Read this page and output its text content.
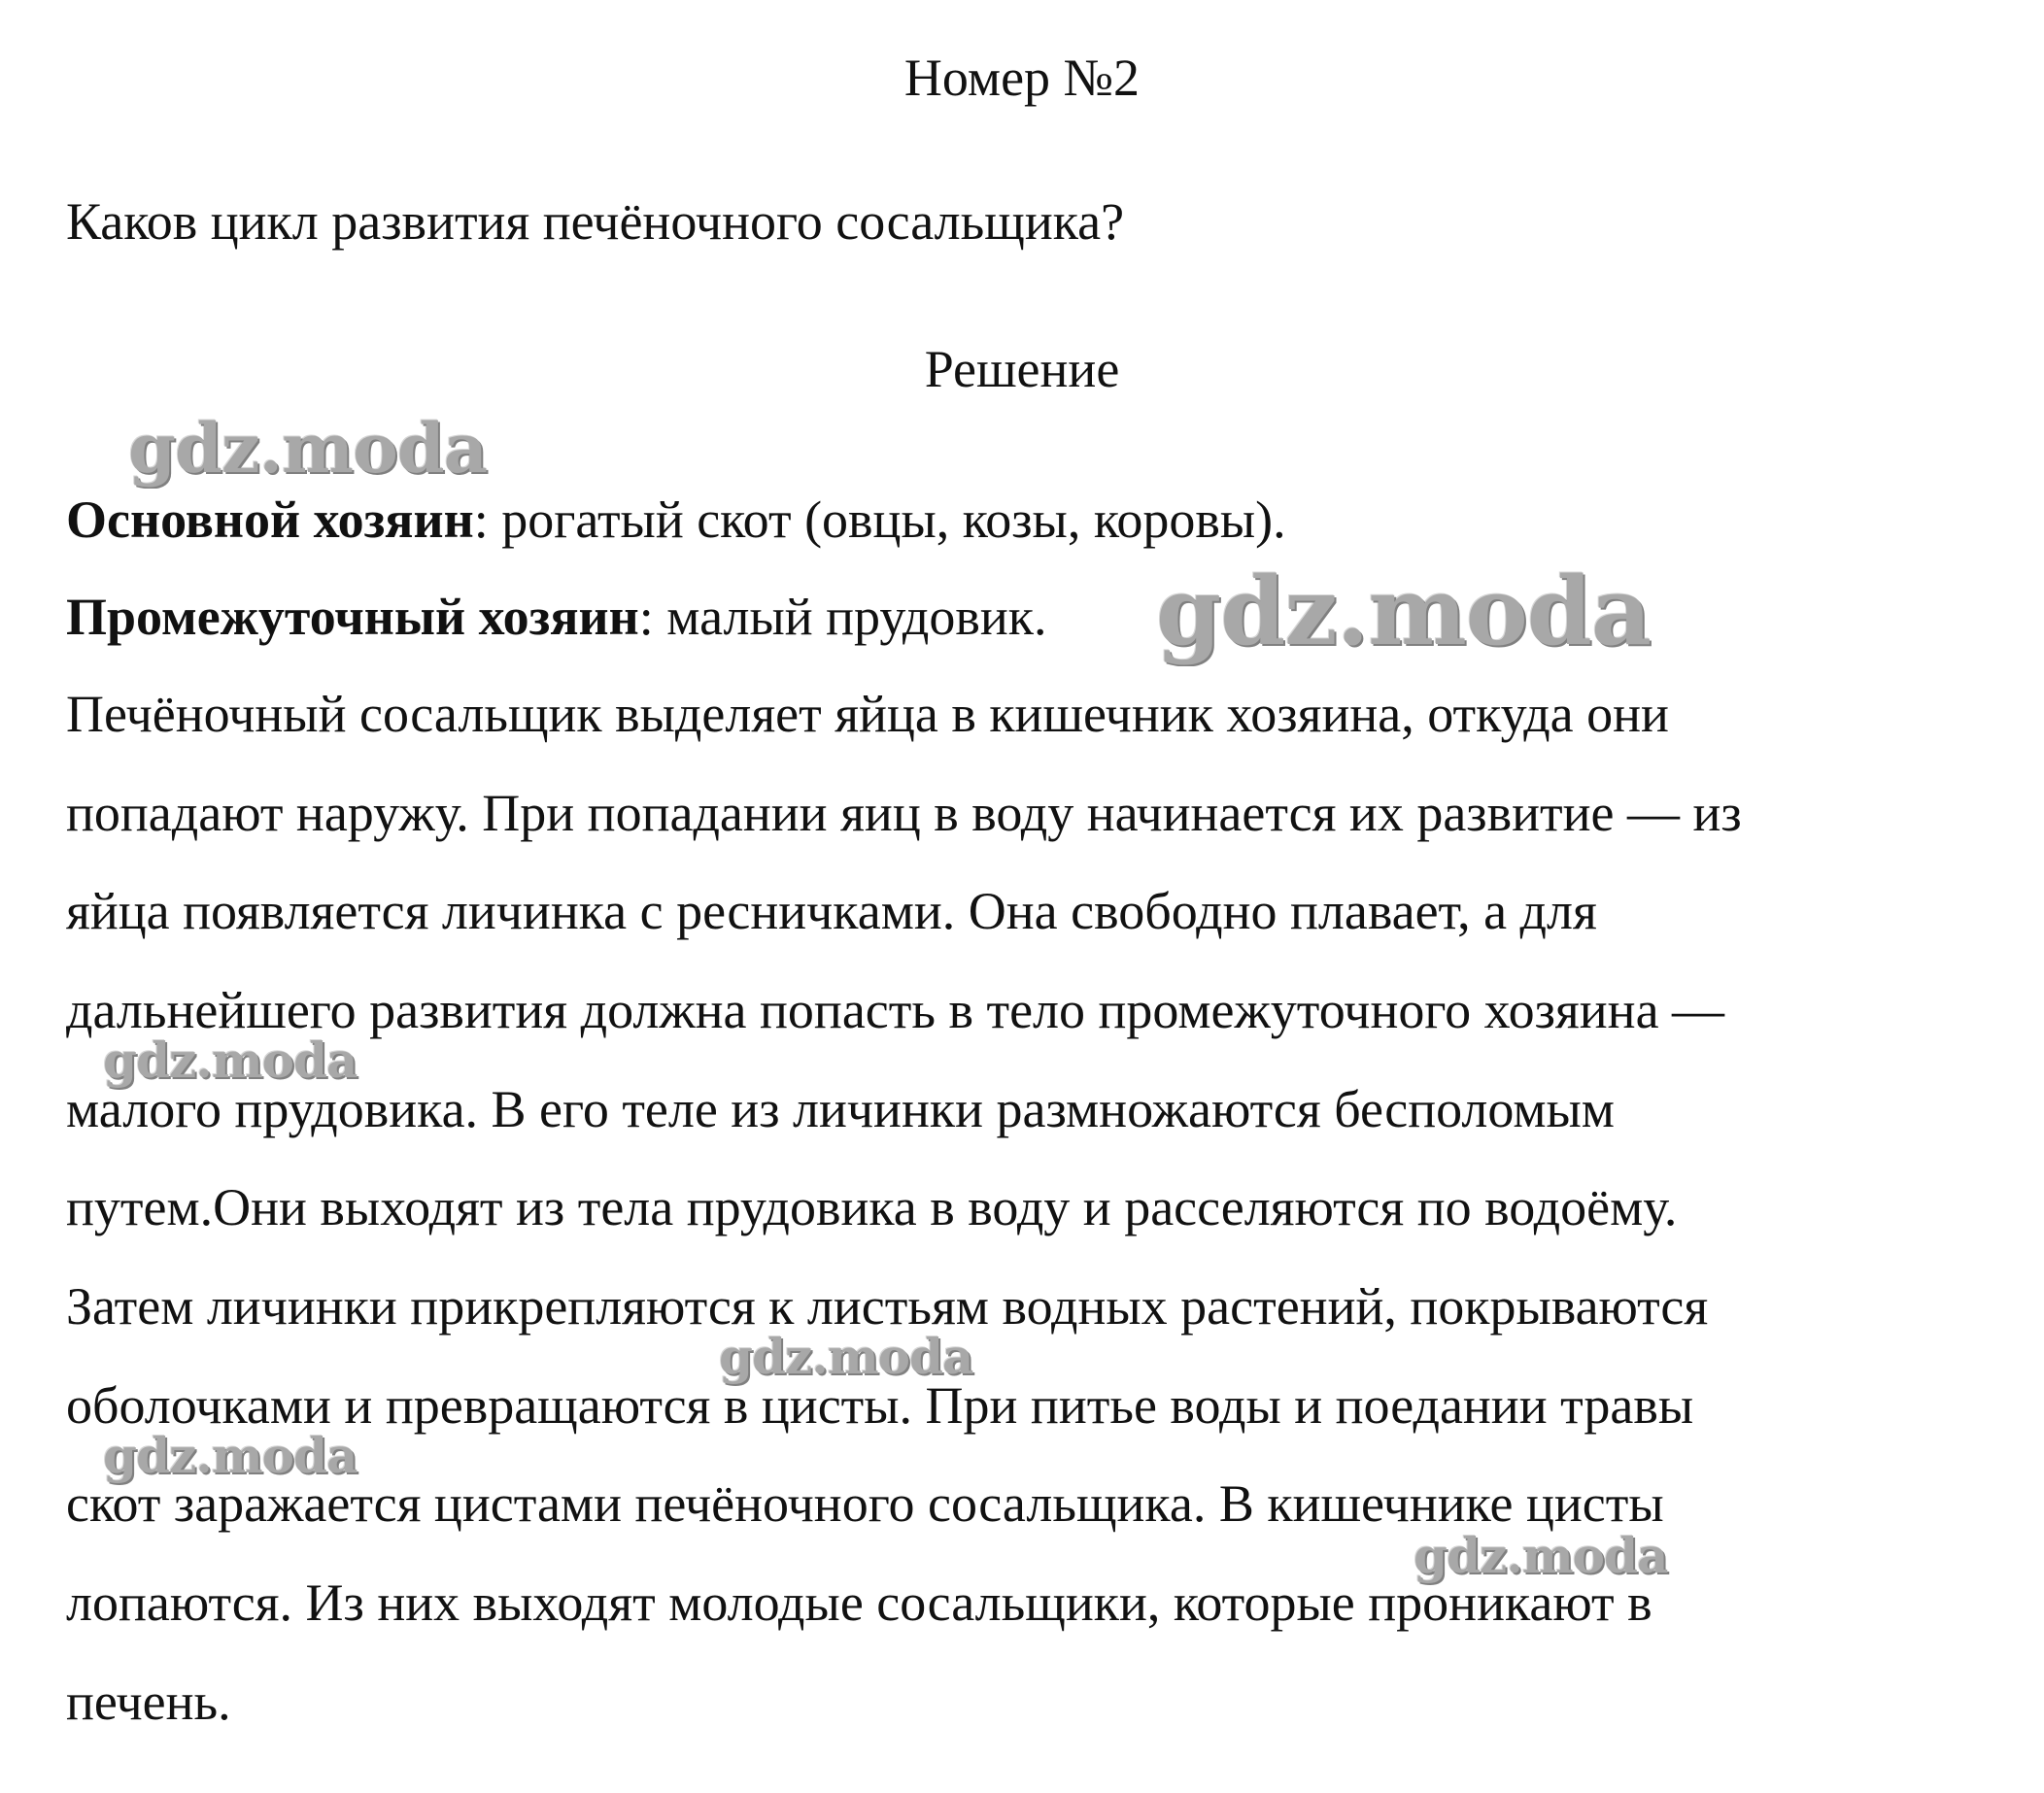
Номер №2
Каков цикл развития печёночного сосальщика?
Решение
Основной хозяин: рогатый скот (овцы, козы, коровы).
Промежуточный хозяин: малый прудовик.
Печёночный сосальщик выделяет яйца в кишечник хозяина, откуда они
попадают наружу. При попадании яиц в воду начинается их развитие — из
яйца появляется личинка с ресничками. Она свободно плавает, а для
дальнейшего развития должна попасть в тело промежуточного хозяина —
малого прудовика. В его теле из личинки размножаются бесполомым
путем.Они выходят из тела прудовика в воду и расселяются по водоёму.
Затем личинки прикрепляются к листьям водных растений, покрываются
оболочками и превращаются в цисты. При питье воды и поедании травы
скот заражается цистами печёночного сосальщика. В кишечнике цисты
лопаются. Из них выходят молодые сосальщики, которые проникают в
печень.
gdz.moda
gdz.moda
gdz.moda
gdz.moda
gdz.moda
gdz.moda
